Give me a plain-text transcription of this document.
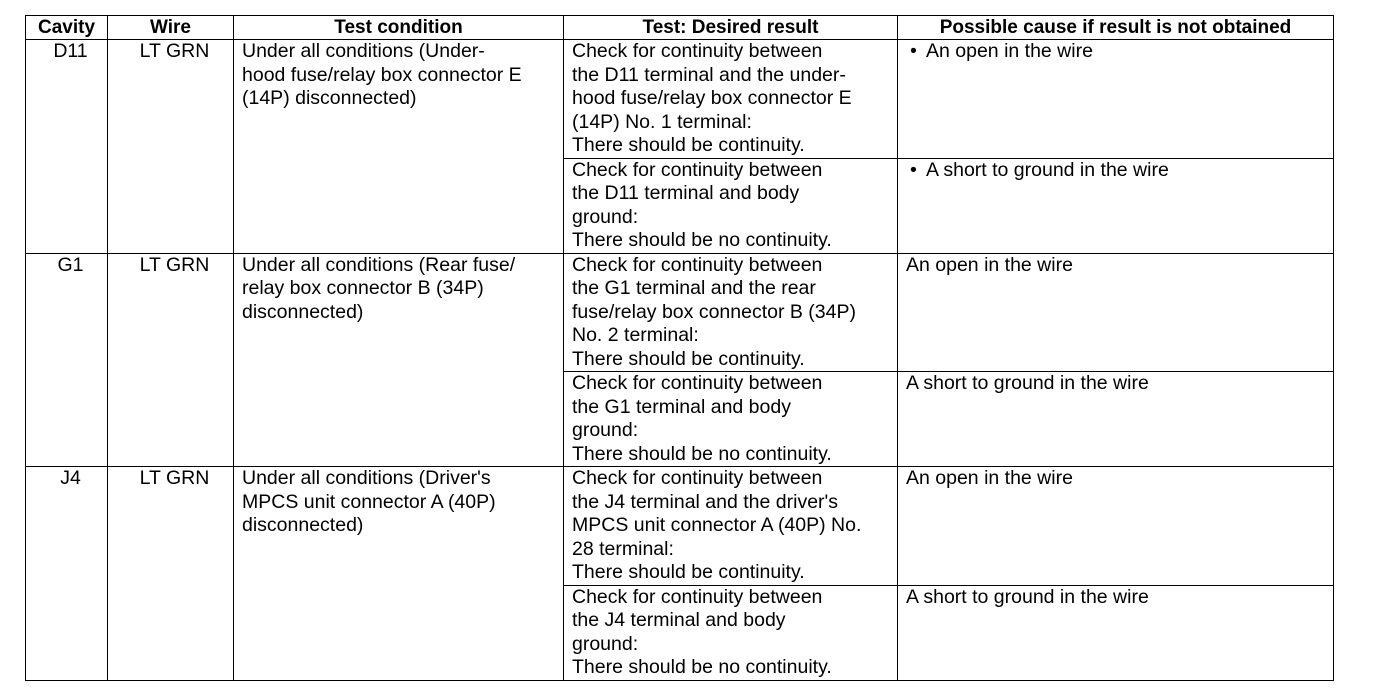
Cavity	Wire	Test condition	Test: Desired result	Possible cause if result is not obtained
D11	LT GRN	Under all conditions (Under-
hood fuse/relay box connector E
(14P) disconnected)	Check for continuity between
the D11 terminal and the under-
hood fuse/relay box connector E
(14P) No. 1 terminal:
There should be continuity.	• An open in the wire
			Check for continuity between
the D11 terminal and body
ground:
There should be no continuity.	• A short to ground in the wire
G1	LT GRN	Under all conditions (Rear fuse/
relay box connector B (34P)
disconnected)	Check for continuity between
the G1 terminal and the rear
fuse/relay box connector B (34P)
No. 2 terminal:
There should be continuity.	An open in the wire
			Check for continuity between
the G1 terminal and body
ground:
There should be no continuity.	A short to ground in the wire
J4	LT GRN	Under all conditions (Driver's
MPCS unit connector A (40P)
disconnected)	Check for continuity between
the J4 terminal and the driver's
MPCS unit connector A (40P) No.
28 terminal:
There should be continuity.	An open in the wire
			Check for continuity between
the J4 terminal and body
ground:
There should be no continuity.	A short to ground in the wire
